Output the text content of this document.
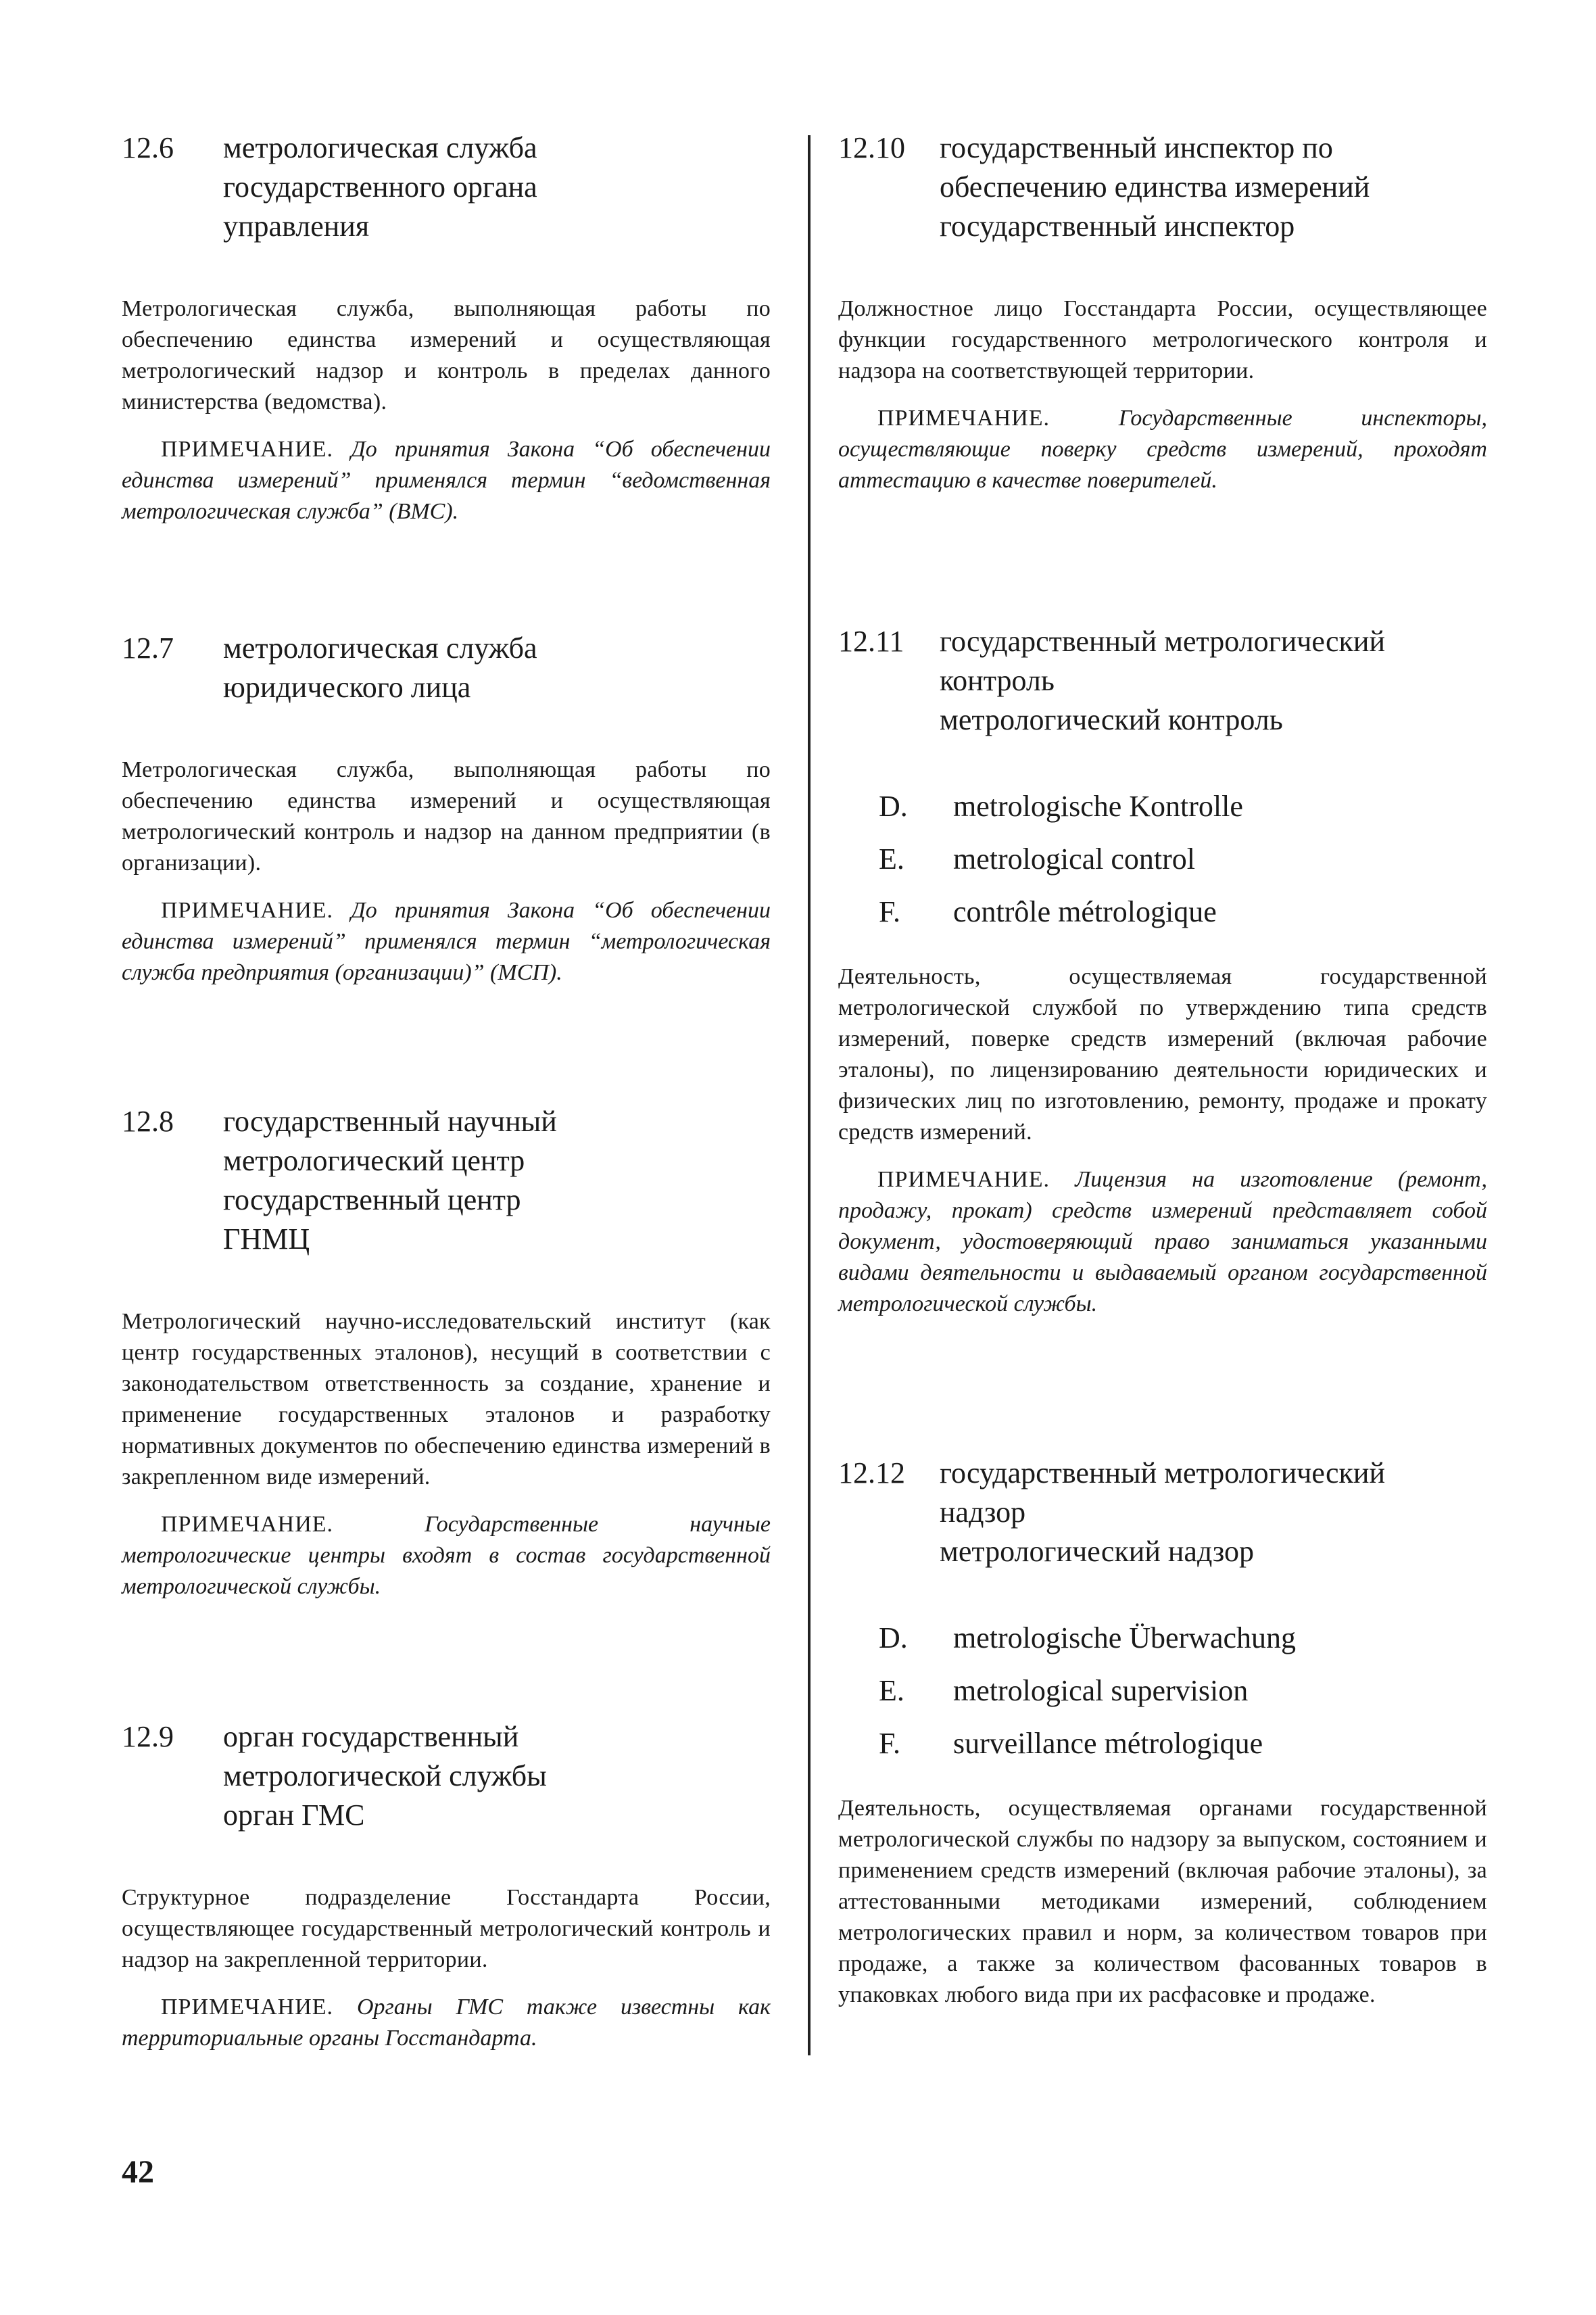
12.6	метрологическая служба
государственного органа
управления
Метрологическая служба, выполняющая работы по обеспечению единства измерений и осуществляющая метрологический надзор и контроль в пределах данного министерства (ведомства).
ПРИМЕЧАНИЕ. До принятия Закона “Об обеспечении единства измерений” применялся термин “ведомственная метрологическая служба” (ВМС).
12.7	метрологическая служба
юридического лица
Метрологическая служба, выполняющая работы по обеспечению единства измерений и осуществляющая метрологический контроль и надзор на данном предприятии (в организации).
ПРИМЕЧАНИЕ. До принятия Закона “Об обеспечении единства измерений” применялся термин “метрологическая служба предприятия (организации)” (МСП).
12.8	государственный научный
метрологический центр
государственный центр
ГНМЦ
Метрологический научно-исследовательский институт (как центр государственных эталонов), несущий в соответствии с законодательством ответственность за создание, хранение и применение государственных эталонов и разработку нормативных документов по обеспечению единства измерений в закрепленном виде измерений.
ПРИМЕЧАНИЕ.	Государственные научные метрологические центры входят в состав государственной метрологической службы.
12.9	орган государственный
метрологической службы
орган ГМС
Структурное подразделение Госстандарта России, осуществляющее государственный метрологический контроль и надзор на закрепленной территории.
ПРИМЕЧАНИЕ. Органы ГМС также известны как территориальные органы Госстандарта.
12.10	государственный инспектор по
обеспечению единства измерений
государственный инспектор
Должностное лицо Госстандарта России, осуществляющее функции государственного метрологического контроля и надзора на соответствующей территории.
ПРИМЕЧАНИЕ.	Государственные инспекторы, осуществляющие поверку средств измерений, проходят аттестацию в качестве поверителей.
12.11	государственный метрологический
контроль
метрологический контроль
D.	metrologische Kontrolle
E.	metrological control
F.	contrôle métrologique
Деятельность, осуществляемая государственной метрологической службой по утверждению типа средств измерений, поверке средств измерений (включая рабочие эталоны), по лицензированию деятельности юридических и физических лиц по изготовлению, ремонту, продаже и прокату средств измерений.
ПРИМЕЧАНИЕ. Лицензия на изготовление (ремонт, продажу, прокат) средств измерений представляет собой документ, удостоверяющий право заниматься указанными видами деятельности и выдаваемый органом государственной метрологической службы.
12.12	государственный метрологический
надзор
метрологический надзор
D.	metrologische Überwachung
E.	metrological supervision
F.	surveillance métrologique
Деятельность, осуществляемая органами государственной метрологической службы по надзору за выпуском, состоянием и применением средств измерений (включая рабочие эталоны), за аттестованными методиками измерений, соблюдением метрологических правил и норм, за количеством товаров при продаже, а также за количеством фасованных товаров в упаковках любого вида при их расфасовке и продаже.
42
